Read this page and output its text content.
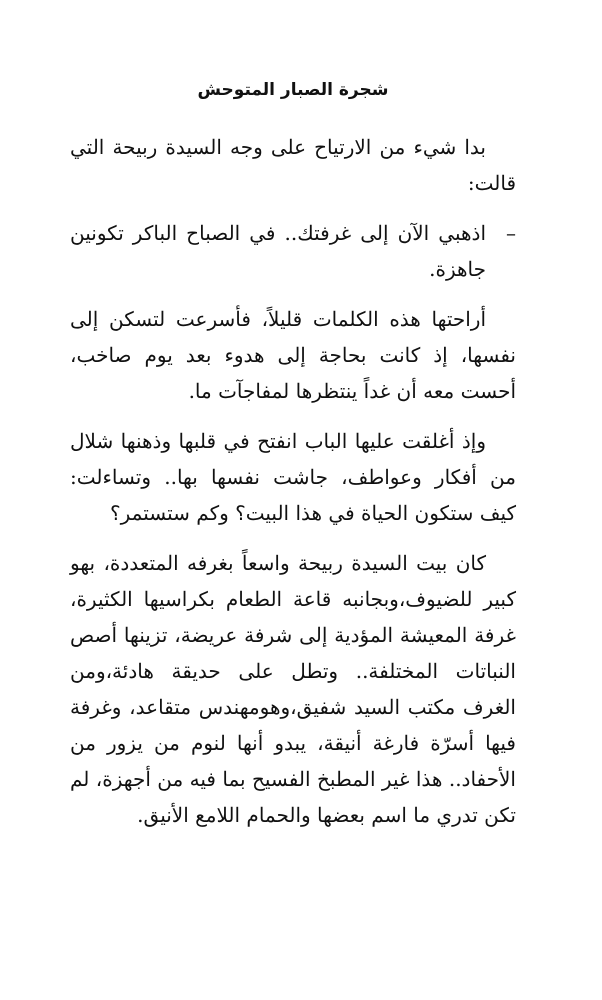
شجرة الصبار المتوحش

بدا شيء من الارتياح على وجه السيدة ربيحة التي قالت:

–
اذهبي الآن إلى غرفتك.. في الصباح الباكر تكونين جاهزة.

أراحتها هذه الكلمات قليلاً، فأسرعت لتسكن إلى نفسها، إذ كانت بحاجة إلى هدوء بعد يوم صاخب، أحست معه أن غداً ينتظرها لمفاجآت ما.

وإذ أغلقت عليها الباب انفتح في قلبها وذهنها شلال من أفكار وعواطف، جاشت نفسها بها.. وتساءلت: كيف ستكون الحياة في هذا البيت؟ وكم ستستمر؟

كان بيت السيدة ربيحة واسعاً بغرفه المتعددة، بهو كبير للضيوف،وبجانبه قاعة الطعام بكراسيها الكثيرة، غرفة المعيشة المؤدية إلى شرفة عريضة، تزينها أصص النباتات المختلفة.. وتطل على حديقة هادئة،ومن الغرف مكتب السيد شفيق،وهومهندس متقاعد، وغرفة فيها أسرّة فارغة أنيقة، يبدو أنها لنوم من يزور من الأحفاد.. هذا غير المطبخ الفسيح بما فيه من أجهزة، لم تكن تدري ما اسم بعضها والحمام اللامع الأنيق.
